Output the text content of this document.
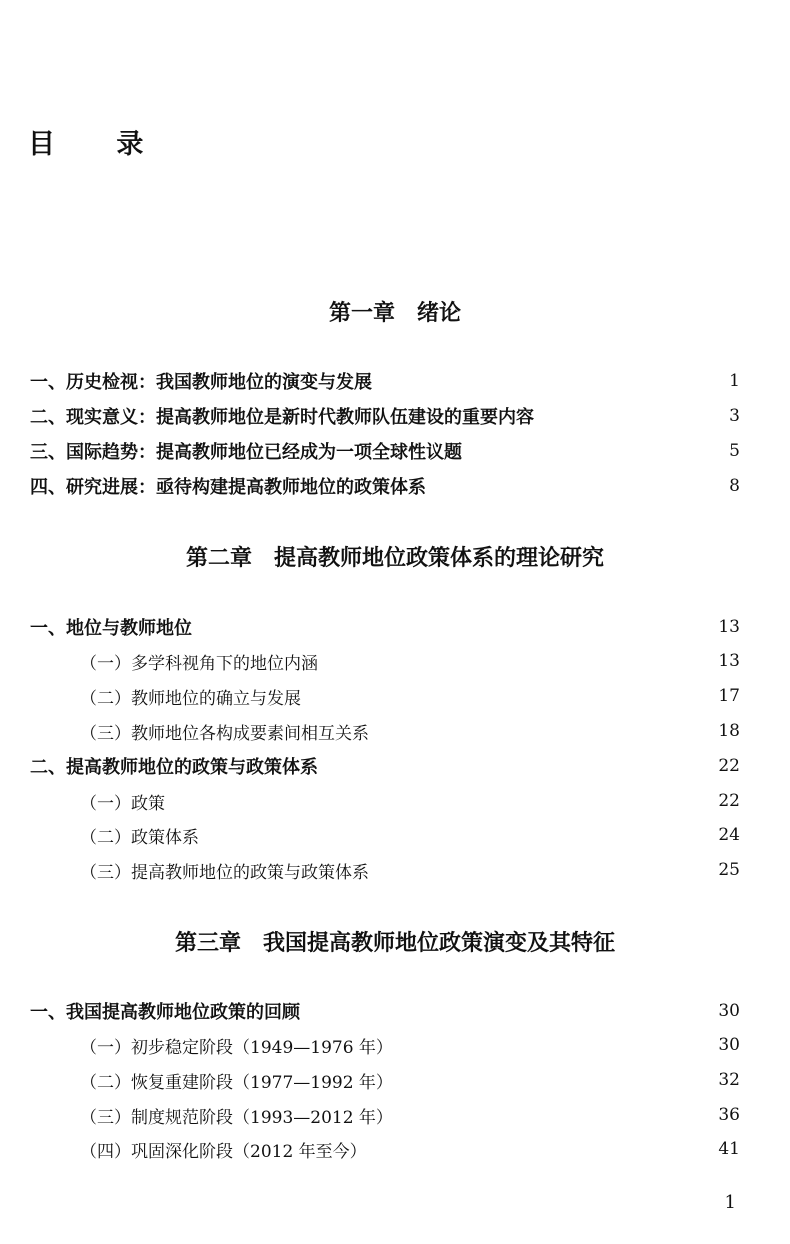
目 录
第一章　绪论
一、历史检视：我国教师地位的演变与发展	1
二、现实意义：提高教师地位是新时代教师队伍建设的重要内容	3
三、国际趋势：提高教师地位已经成为一项全球性议题	5
四、研究进展：亟待构建提高教师地位的政策体系	8
第二章　提高教师地位政策体系的理论研究
一、地位与教师地位	13
（一）多学科视角下的地位内涵	13
（二）教师地位的确立与发展	17
（三）教师地位各构成要素间相互关系	18
二、提高教师地位的政策与政策体系	22
（一）政策	22
（二）政策体系	24
（三）提高教师地位的政策与政策体系	25
第三章　我国提高教师地位政策演变及其特征
一、我国提高教师地位政策的回顾	30
（一）初步稳定阶段（1949—1976 年）	30
（二）恢复重建阶段（1977—1992 年）	32
（三）制度规范阶段（1993—2012 年）	36
（四）巩固深化阶段（2012 年至今）	41
1
